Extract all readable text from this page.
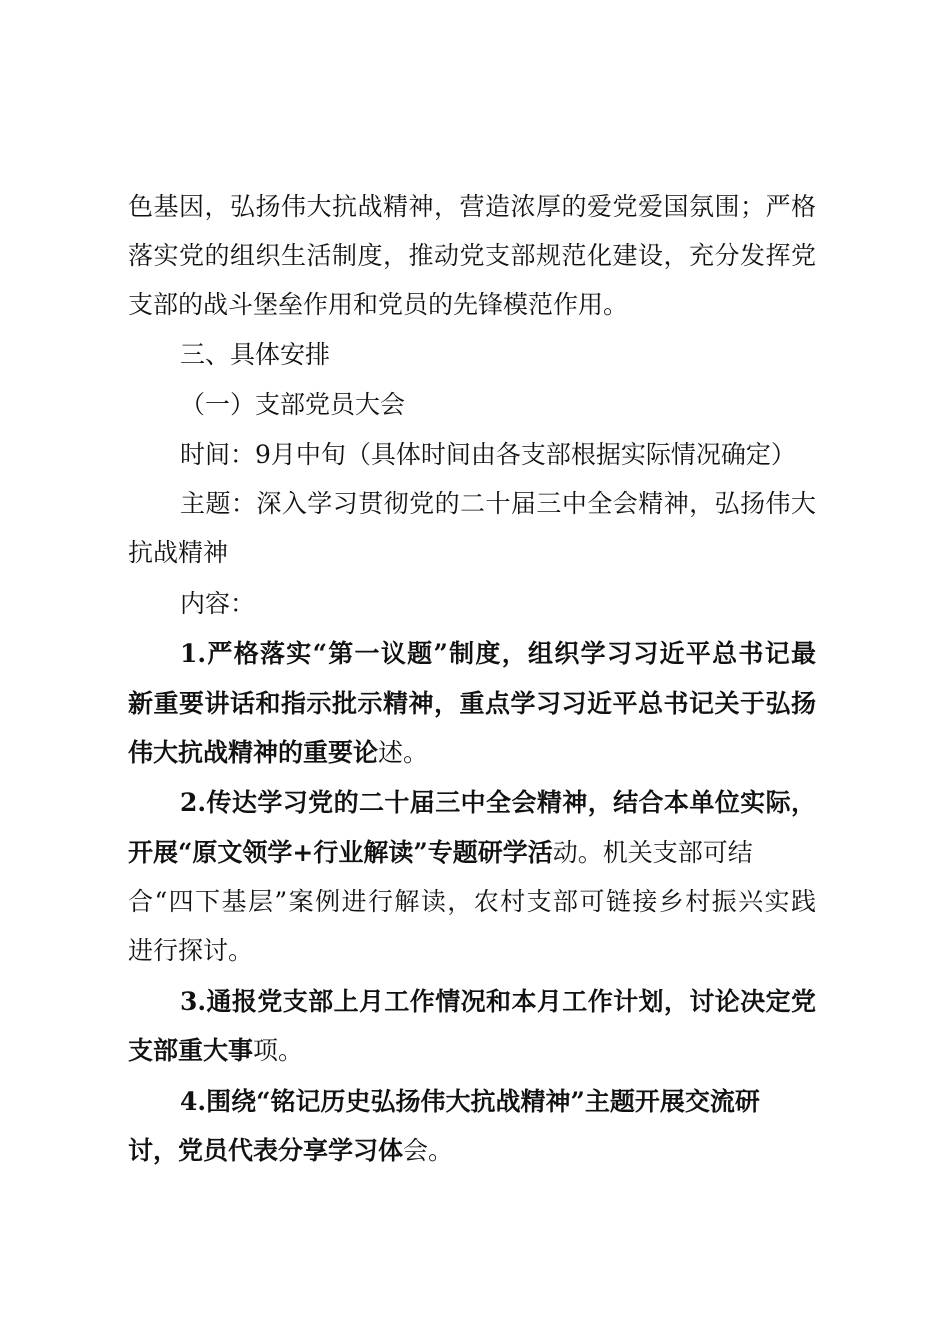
色基因，弘扬伟大抗战精神，营造浓厚的爱党爱国氛围；严格
落实党的组织生活制度，推动党支部规范化建设，充分发挥党
支部的战斗堡垒作用和党员的先锋模范作用。
三、具体安排
（一）支部党员大会
时间：9月中旬（具体时间由各支部根据实际情况确定）
主题：深入学习贯彻党的二十届三中全会精神，弘扬伟大
抗战精神
内容：
1.严格落实“第一议题”制度，组织学习习近平总书记最
新重要讲话和指示批示精神，重点学习习近平总书记关于弘扬
伟大抗战精神的重要论述。
2.传达学习党的二十届三中全会精神，结合本单位实际，
开展“原文领学+行业解读”专题研学活动。机关支部可结
合“四下基层”案例进行解读，农村支部可链接乡村振兴实践
进行探讨。
3.通报党支部上月工作情况和本月工作计划，讨论决定党
支部重大事项。
4.围绕“铭记历史弘扬伟大抗战精神”主题开展交流研
讨，党员代表分享学习体会。
